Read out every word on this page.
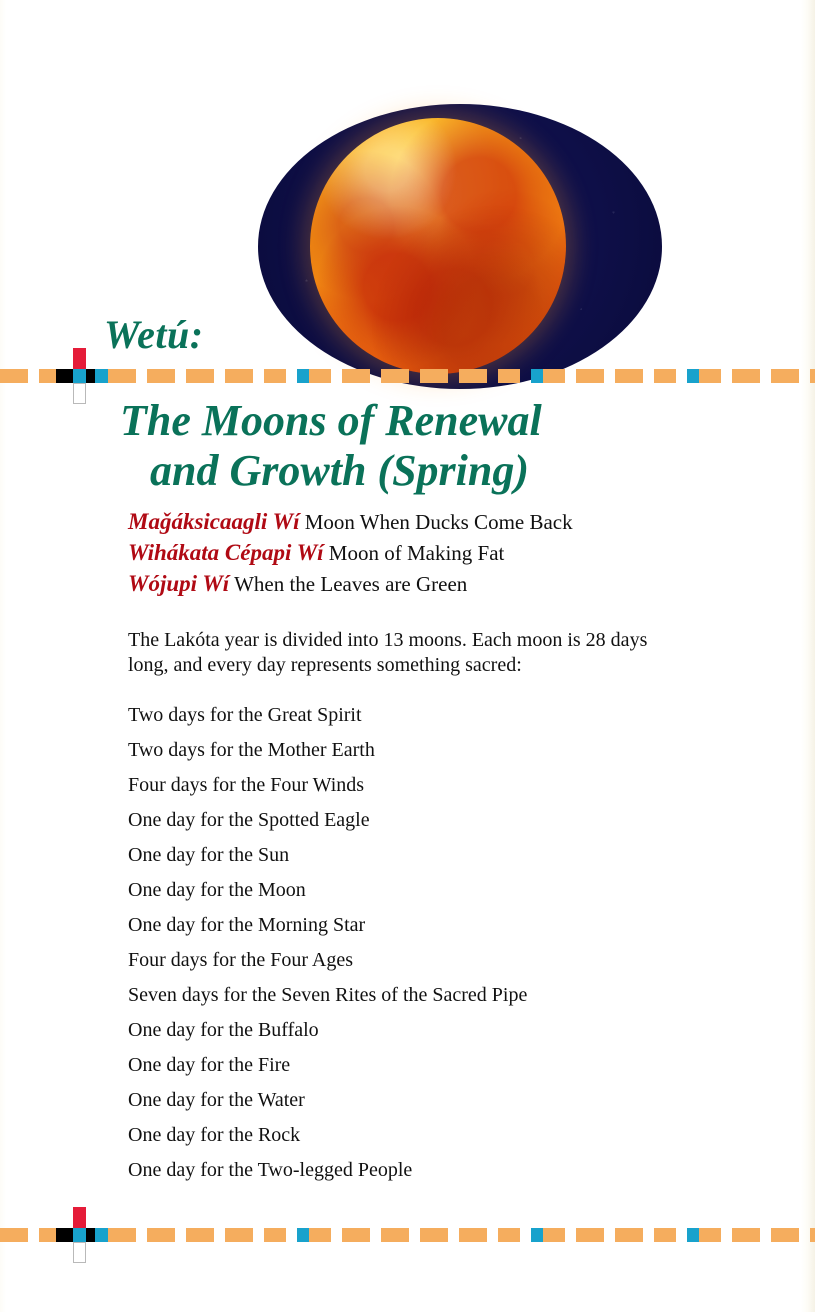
Wetú:
The Moons of Renewal
and Growth (Spring)
Maǧáksicaagli Wí Moon When Ducks Come Back
Wihákata Cépapi Wí Moon of Making Fat
Wójupi Wí When the Leaves are Green
The Lakóta year is divided into 13 moons. Each moon is 28 days long, and every day represents something sacred:
Two days for the Great Spirit
Two days for the Mother Earth
Four days for the Four Winds
One day for the Spotted Eagle
One day for the Sun
One day for the Moon
One day for the Morning Star
Four days for the Four Ages
Seven days for the Seven Rites of the Sacred Pipe
One day for the Buffalo
One day for the Fire
One day for the Water
One day for the Rock
One day for the Two-legged People
